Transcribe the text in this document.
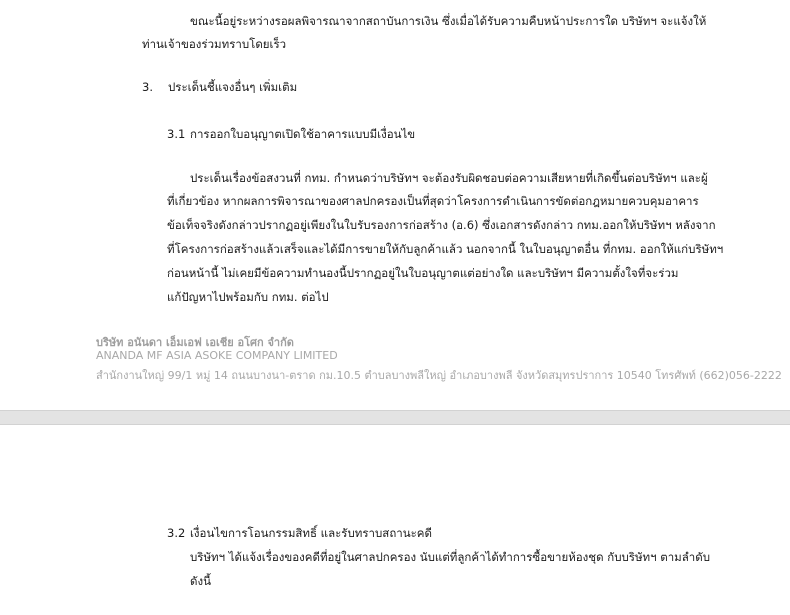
ขณะนี้อยู่ระหว่างรอผลพิจารณาจากสถาบันการเงิน ซึ่งเมื่อได้รับความคืบหน้าประการใด บริษัทฯ จะแจ้งให้
ท่านเจ้าของร่วมทราบโดยเร็ว
3. ประเด็นชี้แจงอื่นๆ เพิ่มเติม
3.1 การออกใบอนุญาตเปิดใช้อาคารแบบมีเงื่อนไข
ประเด็นเรื่องข้อสงวนที่ กทม. กำหนดว่าบริษัทฯ จะต้องรับผิดชอบต่อความเสียหายที่เกิดขึ้นต่อบริษัทฯ และผู้
ที่เกี่ยวข้อง หากผลการพิจารณาของศาลปกครองเป็นที่สุดว่าโครงการดำเนินการขัดต่อกฎหมายควบคุมอาคาร
ข้อเท็จจริงดังกล่าวปรากฏอยู่เพียงในใบรับรองการก่อสร้าง (อ.6) ซึ่งเอกสารดังกล่าว กทม.ออกให้บริษัทฯ หลังจาก
ที่โครงการก่อสร้างแล้วเสร็จและได้มีการขายให้กับลูกค้าแล้ว นอกจากนี้ ในใบอนุญาตอื่น ที่กทม. ออกให้แก่บริษัทฯ
ก่อนหน้านี้ ไม่เคยมีข้อความทำนองนี้ปรากฏอยู่ในใบอนุญาตแต่อย่างใด และบริษัทฯ มีความตั้งใจที่จะร่วม
แก้ปัญหาไปพร้อมกับ กทม. ต่อไป
บริษัท อนันดา เอ็มเอฟ เอเชีย อโศก จำกัด
ANANDA MF ASIA ASOKE COMPANY LIMITED
สำนักงานใหญ่ 99/1 หมู่ 14 ถนนบางนา-ตราด กม.10.5 ตำบลบางพลีใหญ่ อำเภอบางพลี จังหวัดสมุทรปราการ 10540 โทรศัพท์ (662)056-2222
3.2 เงื่อนไขการโอนกรรมสิทธิ์ และรับทราบสถานะคดี
บริษัทฯ ได้แจ้งเรื่องของคดีที่อยู่ในศาลปกครอง นับแต่ที่ลูกค้าได้ทำการซื้อขายห้องชุด กับบริษัทฯ ตามลำดับ
ดังนี้
